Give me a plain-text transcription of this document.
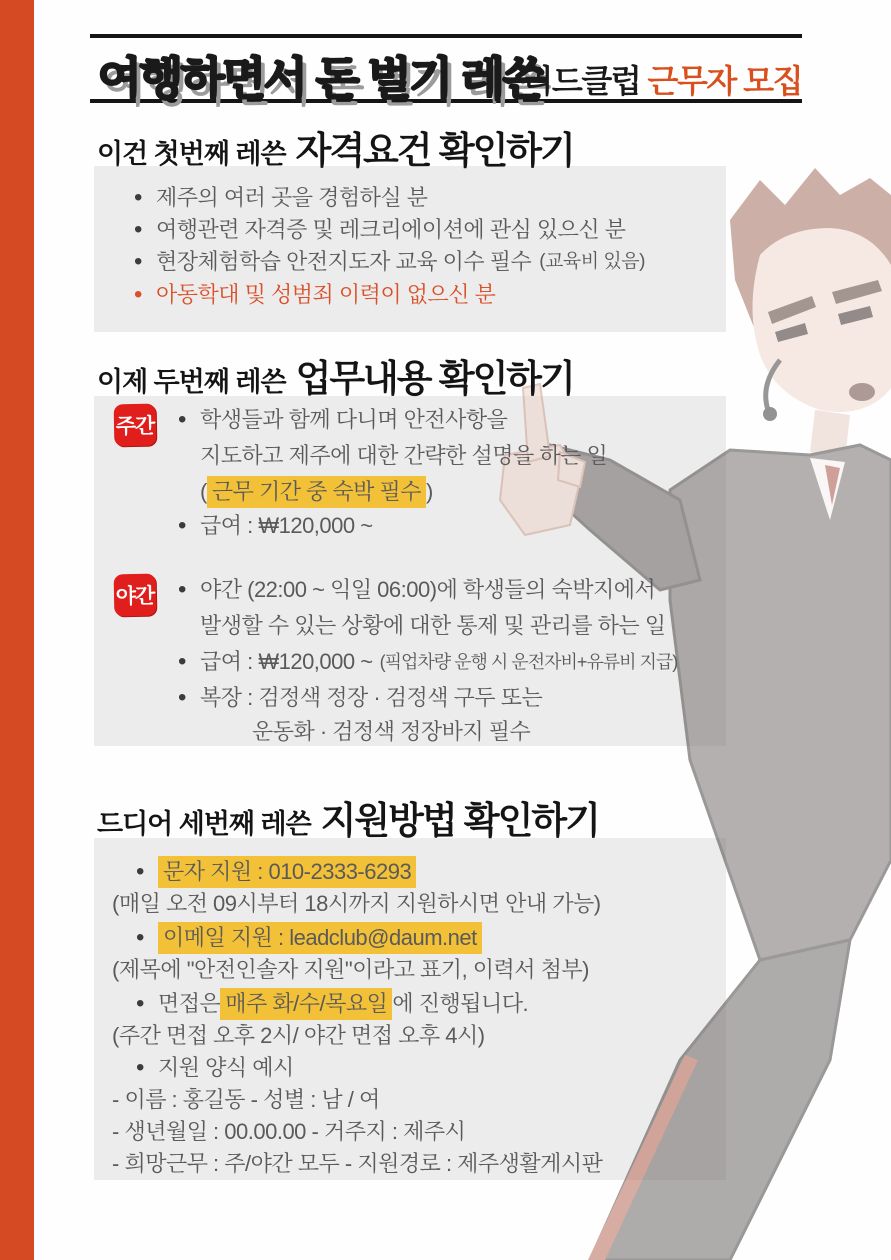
여행하면서 돈 벌기 레쓴
리드클럽 근무자 모집
이건 첫번째 레쓴 자격요건 확인하기
• 제주의 여러 곳을 경험하실 분
• 여행관련 자격증 및 레크리에이션에 관심 있으신 분
• 현장체험학습 안전지도자 교육 이수 필수 (교육비 있음)
• 아동학대 및 성범죄 이력이 없으신 분
이제 두번째 레쓴 업무내용 확인하기
주간 • 학생들과 함께 다니며 안전사항을
지도하고 제주에 대한 간략한 설명을 하는 일
( 근무 기간 중 숙박 필수 )
• 급여 : ₩120,000 ~
야간 • 야간 (22:00 ~ 익일 06:00)에 학생들의 숙박지에서
발생할 수 있는 상황에 대한 통제 및 관리를 하는 일
• 급여 : ₩120,000 ~ (픽업차량 운행 시 운전자비+유류비 지급)
• 복장 : 검정색 정장 · 검정색 구두 또는
운동화 · 검정색 정장바지 필수
드디어 세번째 레쓴 지원방법 확인하기
• 문자 지원 : 010-2333-6293
(매일 오전 09시부터 18시까지 지원하시면 안내 가능)
• 이메일 지원 : leadclub@daum.net
(제목에 "안전인솔자 지원"이라고 표기, 이력서 첨부)
• 면접은 매주 화/수/목요일 에 진행됩니다.
(주간 면접 오후 2시/ 야간 면접 오후 4시)
• 지원 양식 예시
- 이름 : 홍길동 - 성별 : 남 / 여
- 생년월일 : 00.00.00 - 거주지 : 제주시
- 희망근무 : 주/야간 모두 - 지원경로 : 제주생활게시판
